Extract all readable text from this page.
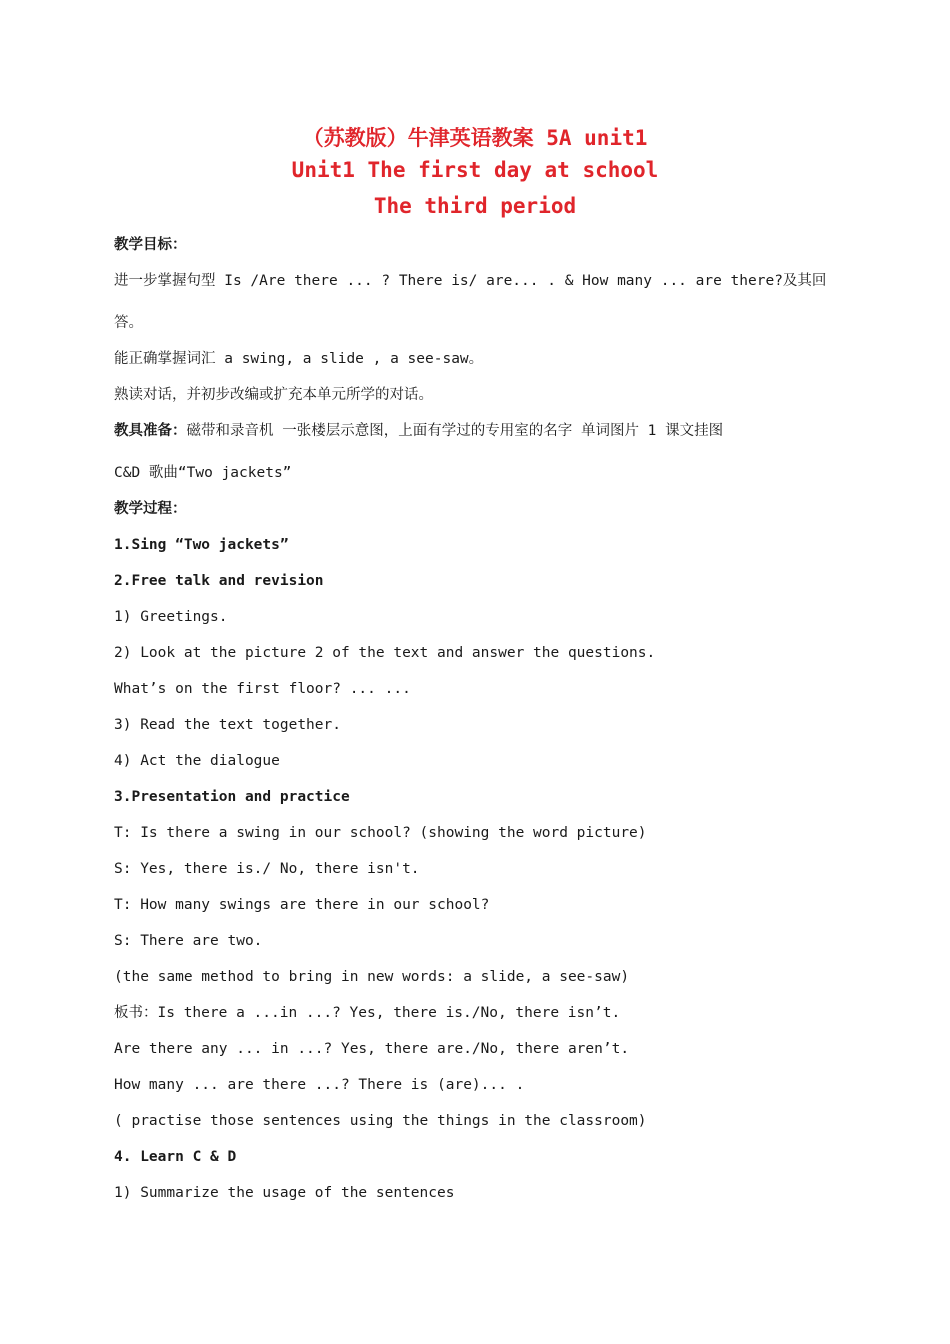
（苏教版）牛津英语教案 5A unit1
Unit1 The first day at school
The third period
教学目标：
进一步掌握句型 Is /Are there ... ? There is/ are... . & How many ... are there?及其回
答。
能正确掌握词汇 a swing, a slide , a see-saw。
熟读对话，并初步改编或扩充本单元所学的对话。
教具准备：磁带和录音机 一张楼层示意图，上面有学过的专用室的名字 单词图片 1 课文挂图
C&D 歌曲“Two jackets”
教学过程：
1.Sing “Two jackets”
2.Free talk and revision
1) Greetings.
2) Look at the picture 2 of the text and answer the questions.
What’s on the first floor? ... ...
3) Read the text together.
4) Act the dialogue
3.Presentation and practice
T: Is there a swing in our school? (showing the word picture)
S: Yes, there is./ No, there isn't.
T: How many swings are there in our school?
S: There are two.
(the same method to bring in new words: a slide, a see-saw)
板书：Is there a ...in ...? Yes, there is./No, there isn’t.
Are there any ... in ...? Yes, there are./No, there aren’t.
How many ... are there ...? There is (are)... .
( practise those sentences using the things in the classroom)
4. Learn C & D
1) Summarize the usage of the sentences
